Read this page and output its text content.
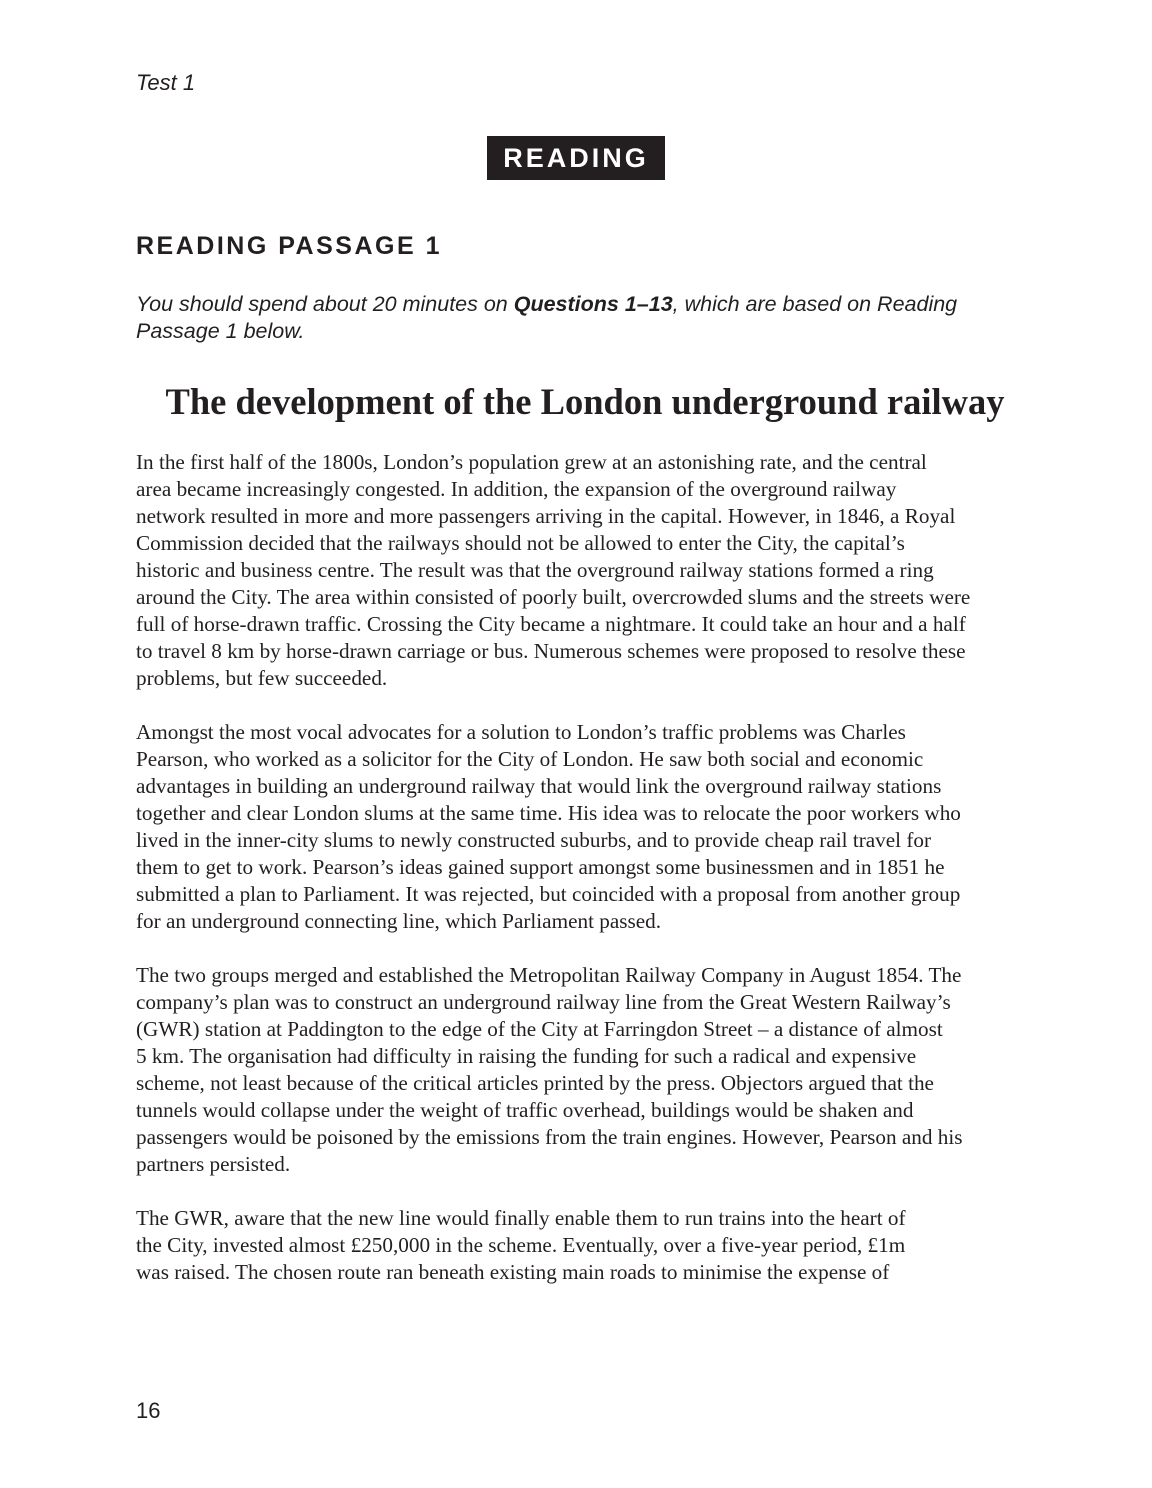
Test 1
READING
READING PASSAGE 1
You should spend about 20 minutes on Questions 1–13, which are based on Reading
Passage 1 below.
The development of the London underground railway

In the first half of the 1800s, London’s population grew at an astonishing rate, and the central
area became increasingly congested. In addition, the expansion of the overground railway
network resulted in more and more passengers arriving in the capital. However, in 1846, a Royal
Commission decided that the railways should not be allowed to enter the City, the capital’s
historic and business centre. The result was that the overground railway stations formed a ring
around the City. The area within consisted of poorly built, overcrowded slums and the streets were
full of horse-drawn traffic. Crossing the City became a nightmare. It could take an hour and a half
to travel 8 km by horse-drawn carriage or bus. Numerous schemes were proposed to resolve these
problems, but few succeeded.

Amongst the most vocal advocates for a solution to London’s traffic problems was Charles
Pearson, who worked as a solicitor for the City of London. He saw both social and economic
advantages in building an underground railway that would link the overground railway stations
together and clear London slums at the same time. His idea was to relocate the poor workers who
lived in the inner-city slums to newly constructed suburbs, and to provide cheap rail travel for
them to get to work. Pearson’s ideas gained support amongst some businessmen and in 1851 he
submitted a plan to Parliament. It was rejected, but coincided with a proposal from another group
for an underground connecting line, which Parliament passed.

The two groups merged and established the Metropolitan Railway Company in August 1854. The
company’s plan was to construct an underground railway line from the Great Western Railway’s
(GWR) station at Paddington to the edge of the City at Farringdon Street – a distance of almost
5 km. The organisation had difficulty in raising the funding for such a radical and expensive
scheme, not least because of the critical articles printed by the press. Objectors argued that the
tunnels would collapse under the weight of traffic overhead, buildings would be shaken and
passengers would be poisoned by the emissions from the train engines. However, Pearson and his
partners persisted.

The GWR, aware that the new line would finally enable them to run trains into the heart of
the City, invested almost £250,000 in the scheme. Eventually, over a five-year period, £1m
was raised. The chosen route ran beneath existing main roads to minimise the expense of

16
